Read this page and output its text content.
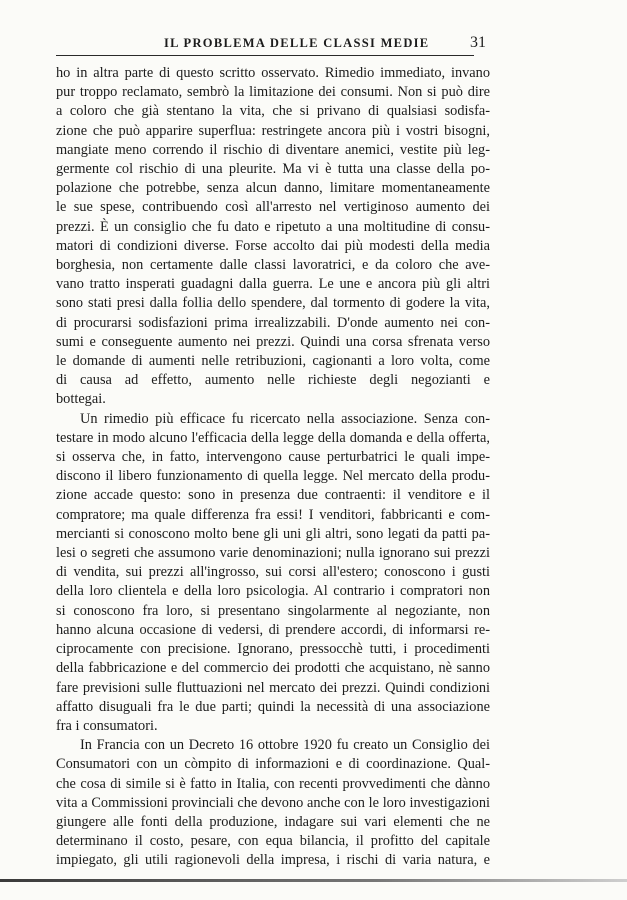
IL PROBLEMA DELLE CLASSI MEDIE	31
ho in altra parte di questo scritto osservato. Rimedio immediato, invano
pur troppo reclamato, sembrò la limitazione dei consumi. Non si può dire
a coloro che già stentano la vita, che si privano di qualsiasi sodisfa-
zione che può apparire superflua: restringete ancora più i vostri bisogni,
mangiate meno correndo il rischio di diventare anemici, vestite più leg-
germente col rischio di una pleurite. Ma vi è tutta una classe della po-
polazione che potrebbe, senza alcun danno, limitare momentaneamente
le sue spese, contribuendo così all'arresto nel vertiginoso aumento dei
prezzi. È un consiglio che fu dato e ripetuto a una moltitudine di consu-
matori di condizioni diverse. Forse accolto dai più modesti della media
borghesia, non certamente dalle classi lavoratrici, e da coloro che ave-
vano tratto insperati guadagni dalla guerra. Le une e ancora più gli altri
sono stati presi dalla follia dello spendere, dal tormento di godere la vita,
di procurarsi sodisfazioni prima irrealizzabili. D'onde aumento nei con-
sumi e conseguente aumento nei prezzi. Quindi una corsa sfrenata verso
le domande di aumenti nelle retribuzioni, cagionanti a loro volta, come
di causa ad effetto, aumento nelle richieste degli negozianti e
bottegai.
Un rimedio più efficace fu ricercato nella associazione. Senza con-
testare in modo alcuno l'efficacia della legge della domanda e della offerta,
si osserva che, in fatto, intervengono cause perturbatrici le quali impe-
discono il libero funzionamento di quella legge. Nel mercato della produ-
zione accade questo: sono in presenza due contraenti: il venditore e il
compratore; ma quale differenza fra essi! I venditori, fabbricanti e com-
mercianti si conoscono molto bene gli uni gli altri, sono legati da patti pa-
lesi o segreti che assumono varie denominazioni; nulla ignorano sui prezzi
di vendita, sui prezzi all'ingrosso, sui corsi all'estero; conoscono i gusti
della loro clientela e della loro psicologia. Al contrario i compratori non
si conoscono fra loro, si presentano singolarmente al negoziante, non
hanno alcuna occasione di vedersi, di prendere accordi, di informarsi re-
ciprocamente con precisione. Ignorano, pressocchè tutti, i procedimenti
della fabbricazione e del commercio dei prodotti che acquistano, nè sanno
fare previsioni sulle fluttuazioni nel mercato dei prezzi. Quindi condizioni
affatto disuguali fra le due parti; quindi la necessità di una associazione
fra i consumatori.
In Francia con un Decreto 16 ottobre 1920 fu creato un Consiglio dei
Consumatori con un còmpito di informazioni e di coordinazione. Qual-
che cosa di simile si è fatto in Italia, con recenti provvedimenti che dànno
vita a Commissioni provinciali che devono anche con le loro investigazioni
giungere alle fonti della produzione, indagare sui vari elementi che ne
determinano il costo, pesare, con equa bilancia, il profitto del capitale
impiegato, gli utili ragionevoli della impresa, i rischi di varia natura, e
